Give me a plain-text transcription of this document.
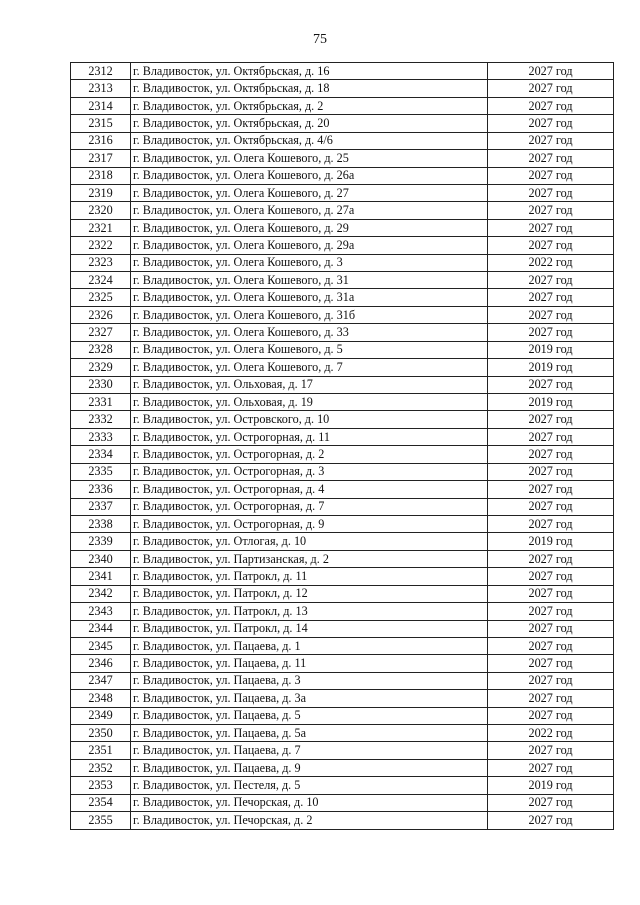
75
2312	г. Владивосток, ул. Октябрьская, д. 16	2027 год
2313	г. Владивосток, ул. Октябрьская, д. 18	2027 год
2314	г. Владивосток, ул. Октябрьская, д. 2	2027 год
2315	г. Владивосток, ул. Октябрьская, д. 20	2027 год
2316	г. Владивосток, ул. Октябрьская, д. 4/6	2027 год
2317	г. Владивосток, ул. Олега Кошевого, д. 25	2027 год
2318	г. Владивосток, ул. Олега Кошевого, д. 26а	2027 год
2319	г. Владивосток, ул. Олега Кошевого, д. 27	2027 год
2320	г. Владивосток, ул. Олега Кошевого, д. 27а	2027 год
2321	г. Владивосток, ул. Олега Кошевого, д. 29	2027 год
2322	г. Владивосток, ул. Олега Кошевого, д. 29а	2027 год
2323	г. Владивосток, ул. Олега Кошевого, д. 3	2022 год
2324	г. Владивосток, ул. Олега Кошевого, д. 31	2027 год
2325	г. Владивосток, ул. Олега Кошевого, д. 31а	2027 год
2326	г. Владивосток, ул. Олега Кошевого, д. 31б	2027 год
2327	г. Владивосток, ул. Олега Кошевого, д. 33	2027 год
2328	г. Владивосток, ул. Олега Кошевого, д. 5	2019 год
2329	г. Владивосток, ул. Олега Кошевого, д. 7	2019 год
2330	г. Владивосток, ул. Ольховая, д. 17	2027 год
2331	г. Владивосток, ул. Ольховая, д. 19	2019 год
2332	г. Владивосток, ул. Островского, д. 10	2027 год
2333	г. Владивосток, ул. Острогорная, д. 11	2027 год
2334	г. Владивосток, ул. Острогорная, д. 2	2027 год
2335	г. Владивосток, ул. Острогорная, д. 3	2027 год
2336	г. Владивосток, ул. Острогорная, д. 4	2027 год
2337	г. Владивосток, ул. Острогорная, д. 7	2027 год
2338	г. Владивосток, ул. Острогорная, д. 9	2027 год
2339	г. Владивосток, ул. Отлогая, д. 10	2019 год
2340	г. Владивосток, ул. Партизанская, д. 2	2027 год
2341	г. Владивосток, ул. Патрокл, д. 11	2027 год
2342	г. Владивосток, ул. Патрокл, д. 12	2027 год
2343	г. Владивосток, ул. Патрокл, д. 13	2027 год
2344	г. Владивосток, ул. Патрокл, д. 14	2027 год
2345	г. Владивосток, ул. Пацаева, д. 1	2027 год
2346	г. Владивосток, ул. Пацаева, д. 11	2027 год
2347	г. Владивосток, ул. Пацаева, д. 3	2027 год
2348	г. Владивосток, ул. Пацаева, д. 3а	2027 год
2349	г. Владивосток, ул. Пацаева, д. 5	2027 год
2350	г. Владивосток, ул. Пацаева, д. 5а	2022 год
2351	г. Владивосток, ул. Пацаева, д. 7	2027 год
2352	г. Владивосток, ул. Пацаева, д. 9	2027 год
2353	г. Владивосток, ул. Пестеля, д. 5	2019 год
2354	г. Владивосток, ул. Печорская, д. 10	2027 год
2355	г. Владивосток, ул. Печорская, д. 2	2027 год
